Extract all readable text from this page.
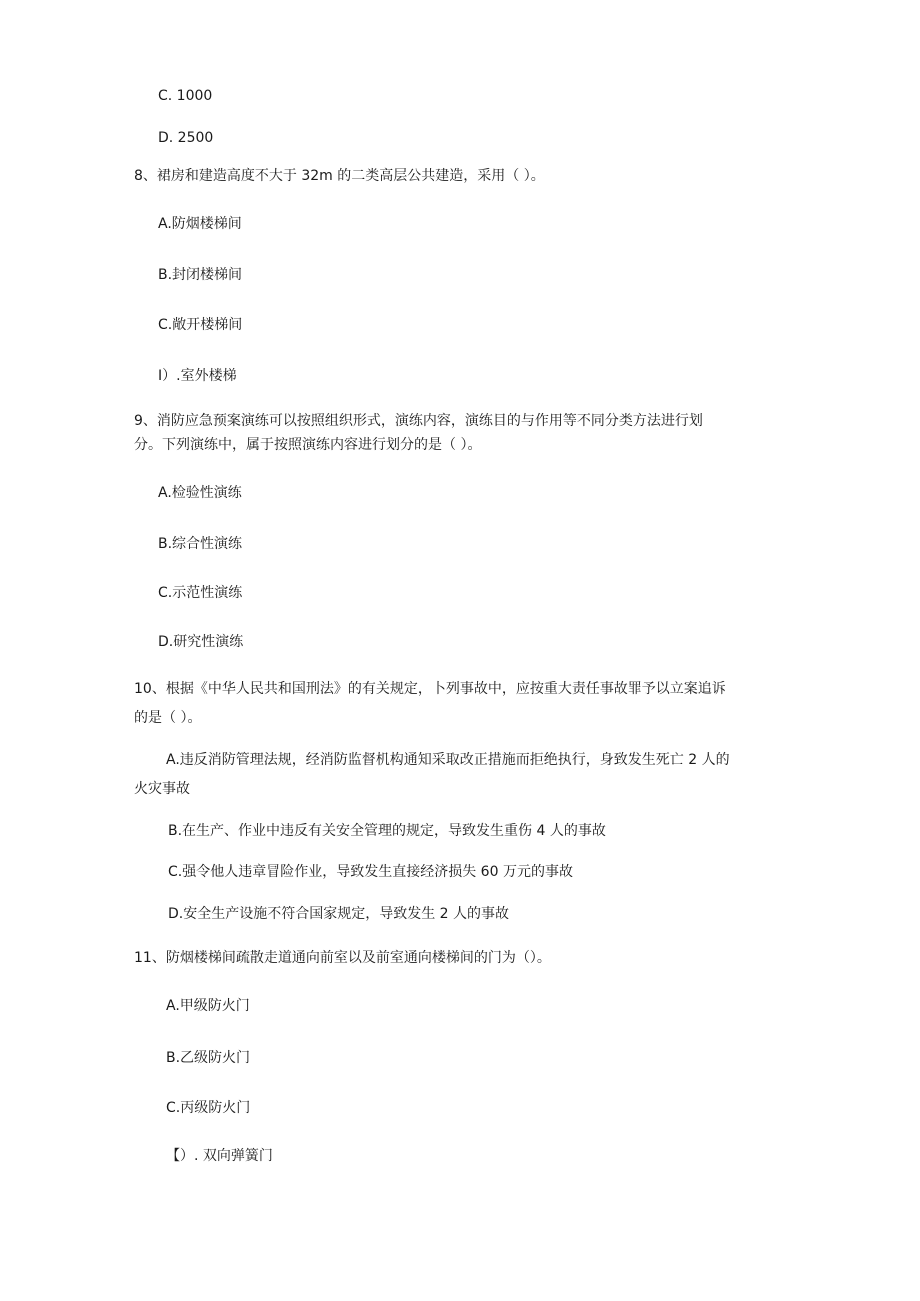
C. 1000
D. 2500
8、裙房和建造高度不大于 32m 的二类高层公共建造，采用（ ）。
A.防烟楼梯间
B.封闭楼梯间
C.敞开楼梯间
I）.室外楼梯
9、消防应急预案演练可以按照组织形式，演练内容，演练目的与作用等不同分类方法进行划
分。下列演练中，属于按照演练内容进行划分的是（ ）。
A.检验性演练
B.综合性演练
C.示范性演练
D.研究性演练
10、根据《中华人民共和国刑法》的有关规定，卜列事故中，应按重大责任事故罪予以立案追诉
的是（ ）。
A.违反消防管理法规，经消防监督机构通知采取改正措施而拒绝执行，身致发生死亡 2 人的
火灾事故
B.在生产、作业中违反有关安全管理的规定，导致发生重伤 4 人的事故
C.强令他人违章冒险作业，导致发生直接经济损失 60 万元的事故
D.安全生产设施不符合国家规定，导致发生 2 人的事故
11、防烟楼梯间疏散走道通向前室以及前室通向楼梯间的门为（）。
A.甲级防火门
B.乙级防火门
C.丙级防火门
【）. 双向弹簧门
